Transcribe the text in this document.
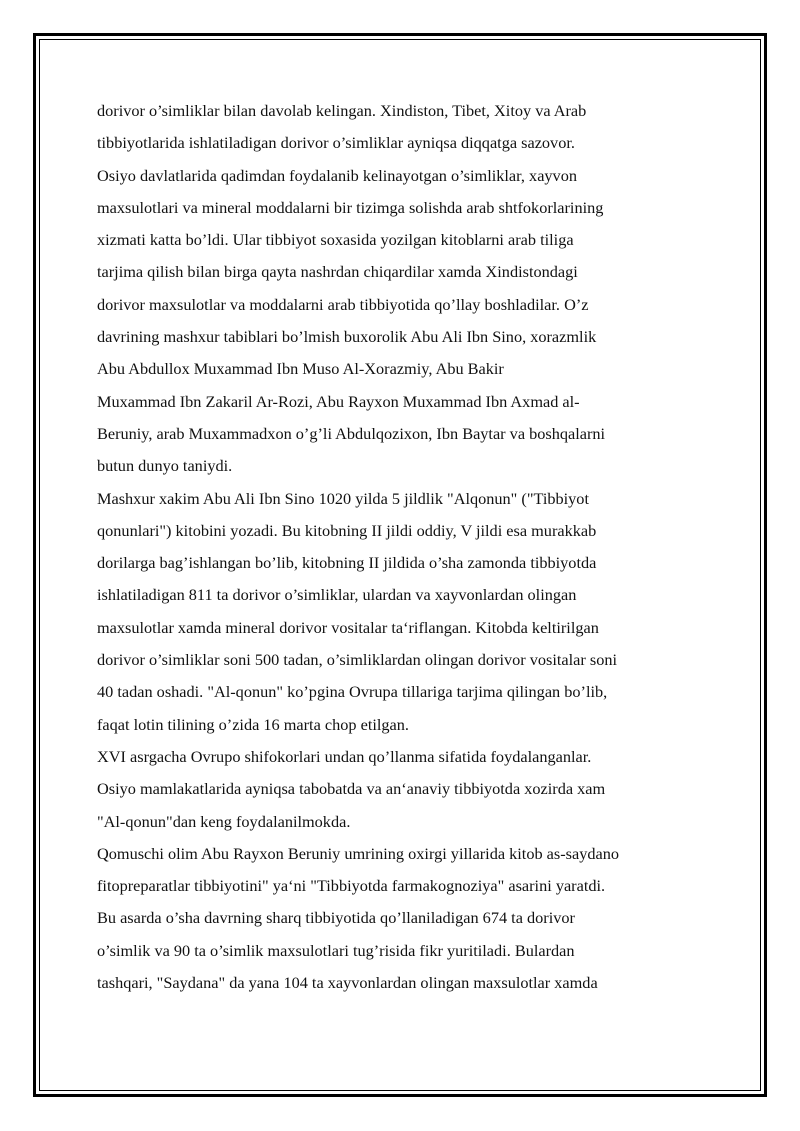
dorivor o’simliklar bilan davolab kelingan. Xindiston, Tibet, Xitoy va Arab
tibbiyotlarida ishlatiladigan dorivor o’simliklar ayniqsa diqqatga sazovor.
Osiyo davlatlarida qadimdan foydalanib kelinayotgan o’simliklar, xayvon
maxsulotlari va mineral moddalarni bir tizimga solishda arab shtfokorlarining
xizmati katta bo’ldi. Ular tibbiyot soxasida yozilgan kitoblarni arab tiliga
tarjima qilish bilan birga qayta nashrdan chiqardilar xamda Xindistondagi
dorivor maxsulotlar va moddalarni arab tibbiyotida qo’llay boshladilar. O’z
davrining mashxur tabiblari bo’lmish buxorolik Abu Ali Ibn Sino, xorazmlik
Abu Abdullox Muxammad Ibn Muso Al-Xorazmiy, Abu Bakir
Muxammad Ibn Zakaril Ar-Rozi, Abu Rayxon Muxammad Ibn Axmad al-
Beruniy, arab Muxammadxon o’g’li Abdulqozixon, Ibn Baytar va boshqalarni
butun dunyo taniydi.
Mashxur xakim Abu Ali Ibn Sino 1020 yilda 5 jildlik "Alqonun" ("Tibbiyot
qonunlari") kitobini yozadi. Bu kitobning II jildi oddiy, V jildi esa murakkab
dorilarga bag’ishlangan bo’lib, kitobning II jildida o’sha zamonda tibbiyotda
ishlatiladigan 811 ta dorivor o’simliklar, ulardan va xayvonlardan olingan
maxsulotlar xamda mineral dorivor vositalar ta‘riflangan. Kitobda keltirilgan
dorivor o’simliklar soni 500 tadan, o’simliklardan olingan dorivor vositalar soni
40 tadan oshadi. "Al-qonun" ko’pgina Ovrupa tillariga tarjima qilingan bo’lib,
faqat lotin tilining o’zida 16 marta chop etilgan.
XVI asrgacha Ovrupo shifokorlari undan qo’llanma sifatida foydalanganlar.
Osiyo mamlakatlarida ayniqsa tabobatda va an‘anaviy tibbiyotda xozirda xam
"Al-qonun"dan keng foydalanilmokda.
Qomuschi olim Abu Rayxon Beruniy umrining oxirgi yillarida kitob as-saydano
fitopreparatlar tibbiyotini" ya‘ni "Tibbiyotda farmakognoziya" asarini yaratdi.
Bu asarda o’sha davrning sharq tibbiyotida qo’llaniladigan 674 ta dorivor
o’simlik va 90 ta o’simlik maxsulotlari tug’risida fikr yuritiladi. Bulardan
tashqari, "Saydana" da yana 104 ta xayvonlardan olingan maxsulotlar xamda
